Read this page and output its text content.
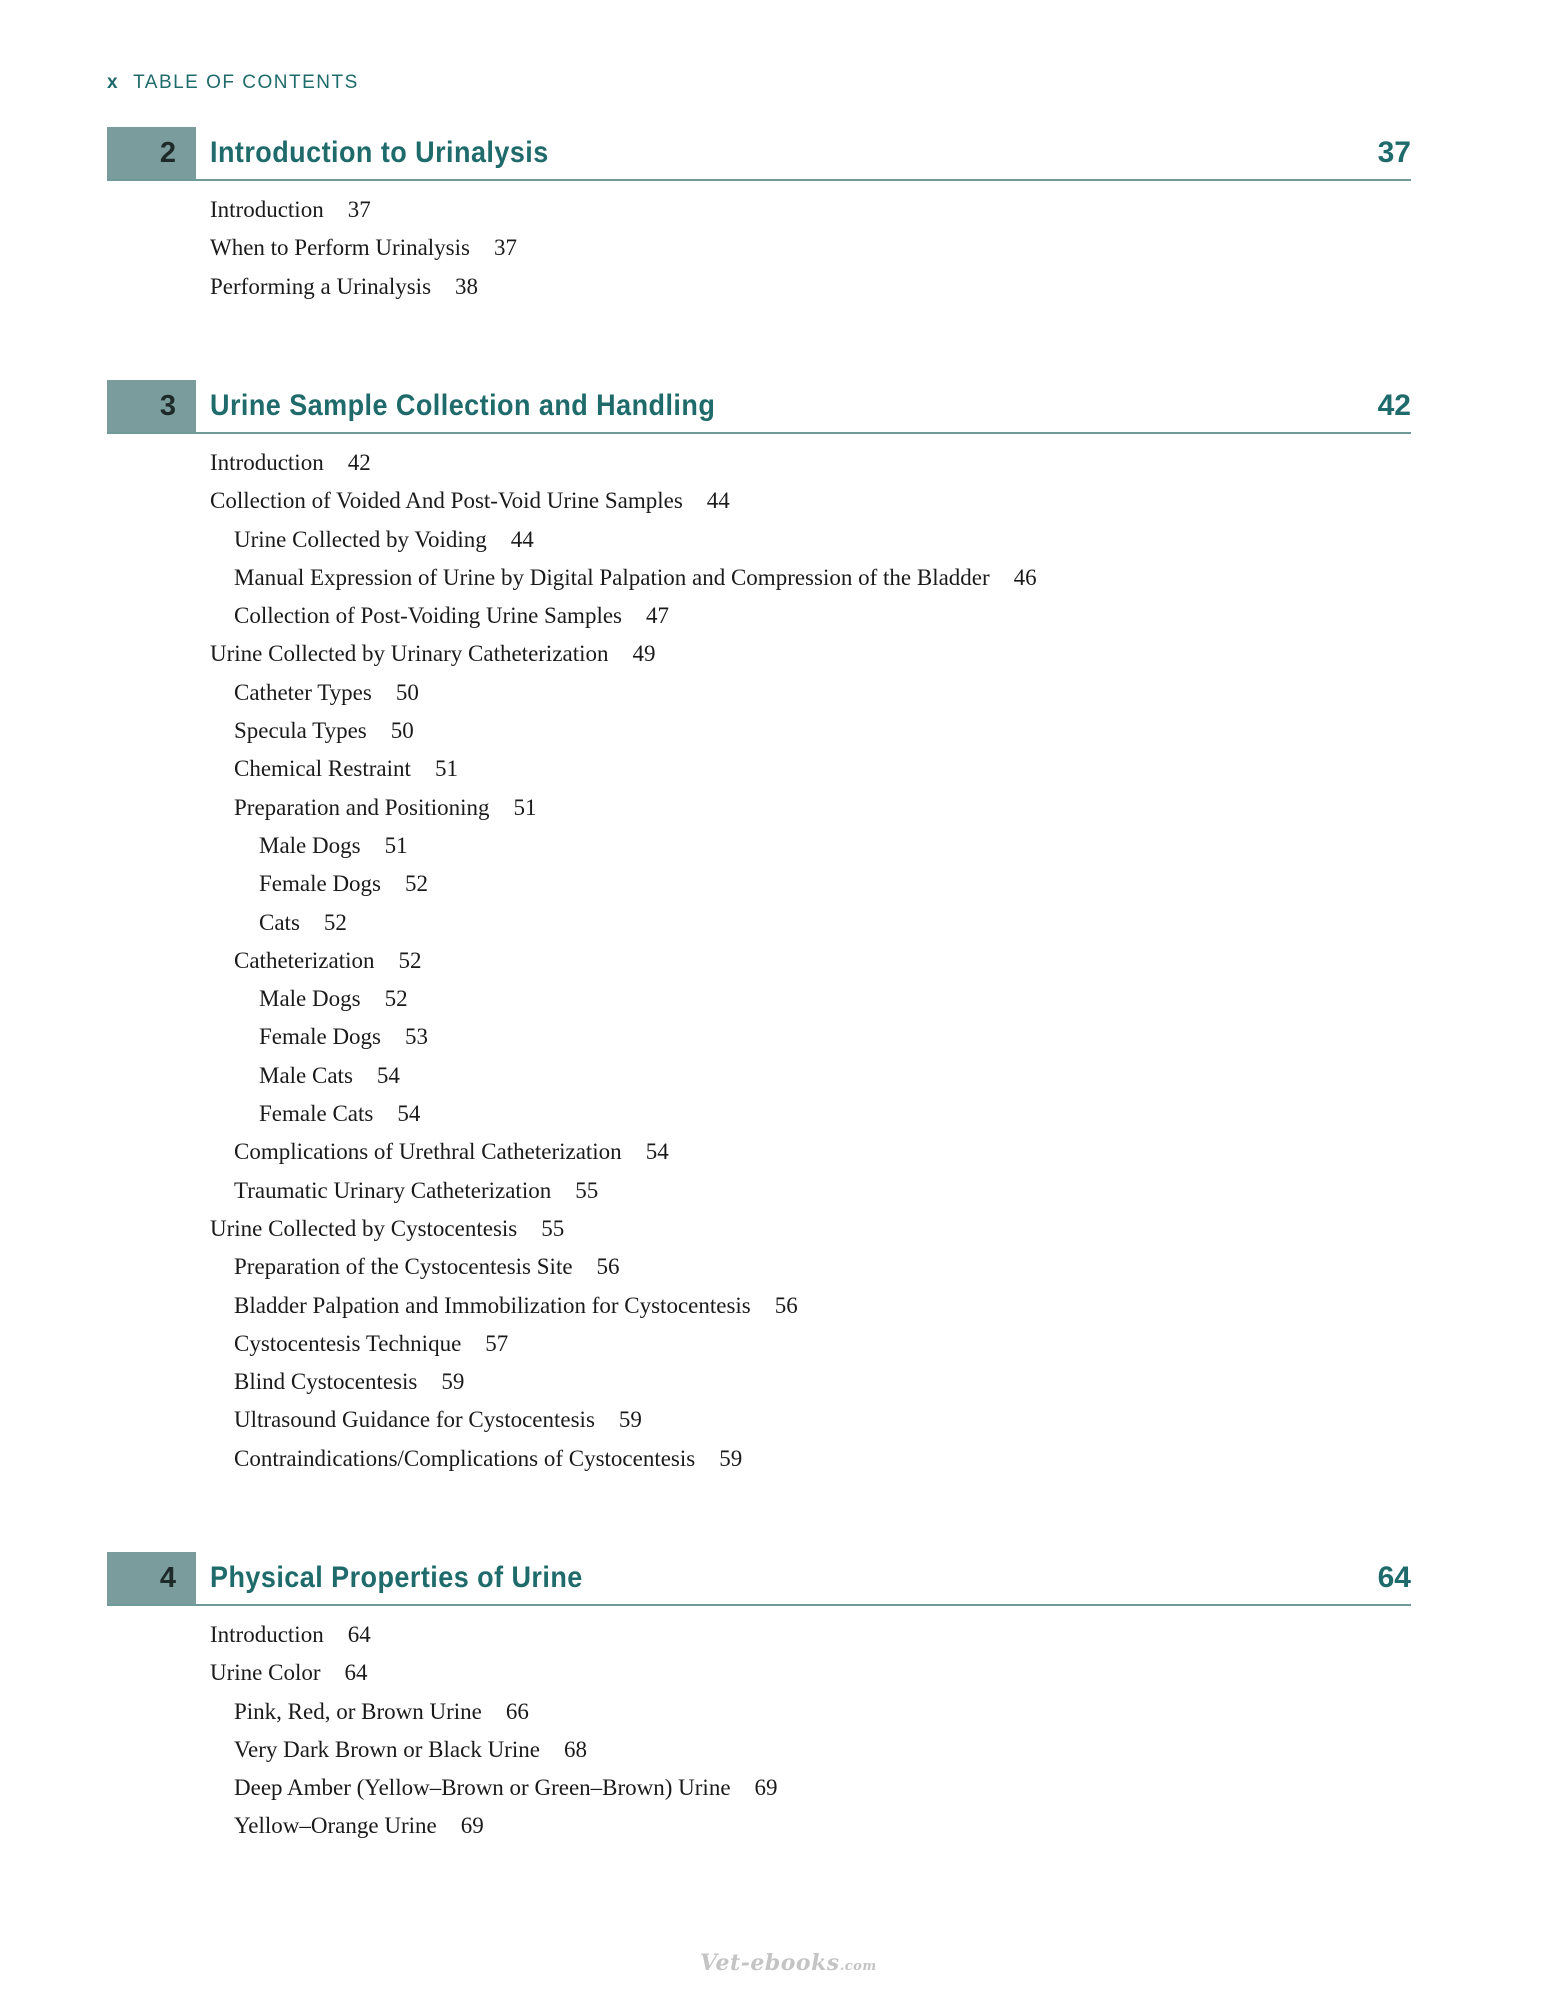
x TABLE OF CONTENTS
2	Introduction to Urinalysis	37
Introduction 37
When to Perform Urinalysis 37
Performing a Urinalysis 38
3	Urine Sample Collection and Handling	42
Introduction 42
Collection of Voided And Post-Void Urine Samples 44
Urine Collected by Voiding 44
Manual Expression of Urine by Digital Palpation and Compression of the Bladder 46
Collection of Post-Voiding Urine Samples 47
Urine Collected by Urinary Catheterization 49
Catheter Types 50
Specula Types 50
Chemical Restraint 51
Preparation and Positioning 51
Male Dogs 51
Female Dogs 52
Cats 52
Catheterization 52
Male Dogs 52
Female Dogs 53
Male Cats 54
Female Cats 54
Complications of Urethral Catheterization 54
Traumatic Urinary Catheterization 55
Urine Collected by Cystocentesis 55
Preparation of the Cystocentesis Site 56
Bladder Palpation and Immobilization for Cystocentesis 56
Cystocentesis Technique 57
Blind Cystocentesis 59
Ultrasound Guidance for Cystocentesis 59
Contraindications/Complications of Cystocentesis 59
4	Physical Properties of Urine	64
Introduction 64
Urine Color 64
Pink, Red, or Brown Urine 66
Very Dark Brown or Black Urine 68
Deep Amber (Yellow–Brown or Green–Brown) Urine 69
Yellow–Orange Urine 69
Vet-ebooks.com
